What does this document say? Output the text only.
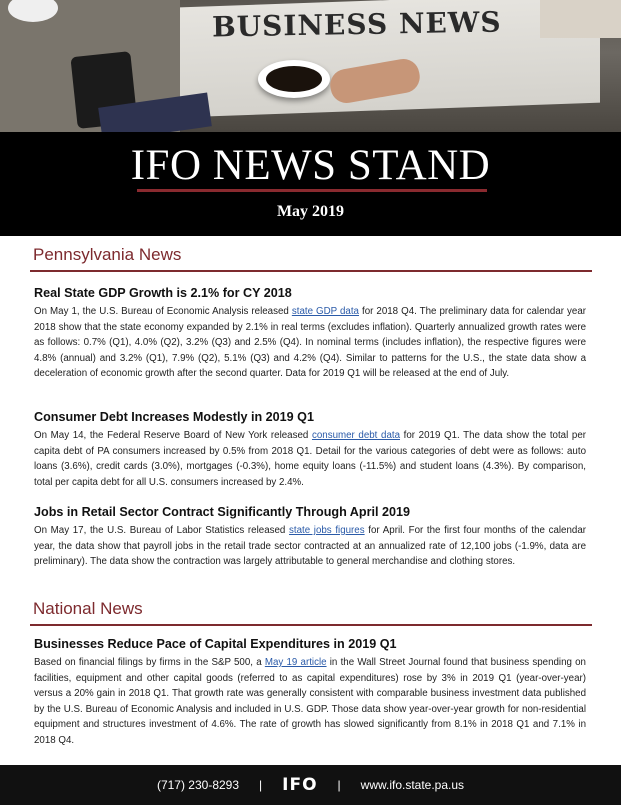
BUSINESS NEWS
IFO NEWS STAND
May 2019
Pennsylvania News
Real State GDP Growth is 2.1% for CY 2018

On May 1, the U.S. Bureau of Economic Analysis released state GDP data for 2018 Q4. The preliminary data for calendar year 2018 show that the state economy expanded by 2.1% in real terms (excludes inflation). Quarterly annualized growth rates were as follows: 0.7% (Q1), 4.0% (Q2), 3.2% (Q3) and 2.5% (Q4). In nominal terms (includes inflation), the respective figures were 4.8% (annual) and 3.2% (Q1), 7.9% (Q2), 5.1% (Q3) and 4.2% (Q4). Similar to patterns for the U.S., the state data show a deceleration of economic growth after the second quarter. Data for 2019 Q1 will be released at the end of July.

Consumer Debt Increases Modestly in 2019 Q1

On May 14, the Federal Reserve Board of New York released consumer debt data for 2019 Q1. The data show the total per capita debt of PA consumers increased by 0.5% from 2018 Q1. Detail for the various categories of debt were as follows: auto loans (3.6%), credit cards (3.0%), mortgages (-0.3%), home equity loans (-11.5%) and student loans (4.3%). By comparison, total per capita debt for all U.S. consumers increased by 2.4%.

Jobs in Retail Sector Contract Significantly Through April 2019

On May 17, the U.S. Bureau of Labor Statistics released state jobs figures for April. For the first four months of the calendar year, the data show that payroll jobs in the retail trade sector contracted at an annualized rate of 12,100 jobs (-1.9%, data are preliminary). The data show the contraction was largely attributable to general merchandise and clothing stores.

National News
Businesses Reduce Pace of Capital Expenditures in 2019 Q1

Based on financial filings by firms in the S&P 500, a May 19 article in the Wall Street Journal found that business spending on facilities, equipment and other capital goods (referred to as capital expenditures) rose by 3% in 2019 Q1 (year-over-year) versus a 20% gain in 2018 Q1. That growth rate was generally consistent with comparable business investment data published by the U.S. Bureau of Economic Analysis and included in U.S. GDP. Those data show year-over-year growth for non-residential equipment and structures investment of 4.6%. The rate of growth has slowed significantly from 8.1% in 2018 Q1 and 7.1% in 2018 Q4.

(717) 230-8293 | IFO | www.ifo.state.pa.us
